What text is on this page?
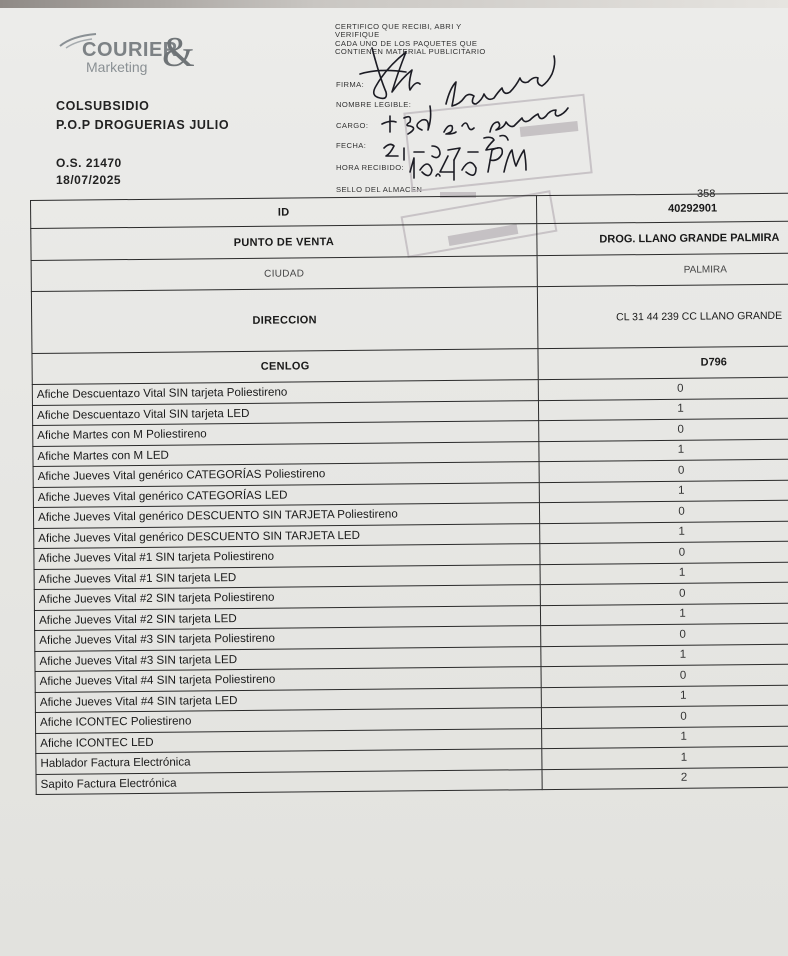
COURIER
Marketing &
COLSUBSIDIO
P.O.P DROGUERIAS JULIO
O.S. 21470
18/07/2025
CERTIFICO QUE RECIBI, ABRI Y
VERIFIQUE
CADA UNO DE LOS PAQUETES QUE
CONTIENEN MATERIAL PUBLICITARIO
FIRMA:
NOMBRE LEGIBLE:
CARGO:
FECHA:
HORA RECIBIDO:
SELLO DEL ALMACEN	358
ID	40292901
PUNTO DE VENTA	DROG. LLANO GRANDE PALMIRA
CIUDAD	PALMIRA
DIRECCION	CL 31 44 239 CC LLANO GRANDE
CENLOG	D796
Afiche Descuentazo Vital SIN tarjeta Poliestireno	0
Afiche Descuentazo Vital SIN tarjeta LED	1
Afiche Martes con M Poliestireno	0
Afiche Martes con M LED	1
Afiche Jueves Vital genérico CATEGORÍAS Poliestireno	0
Afiche Jueves Vital genérico CATEGORÍAS LED	1
Afiche Jueves Vital genérico DESCUENTO SIN TARJETA Poliestireno	0
Afiche Jueves Vital genérico DESCUENTO SIN TARJETA LED	1
Afiche Jueves Vital #1 SIN tarjeta Poliestireno	0
Afiche Jueves Vital #1 SIN tarjeta LED	1
Afiche Jueves Vital #2 SIN tarjeta Poliestireno	0
Afiche Jueves Vital #2 SIN tarjeta LED	1
Afiche Jueves Vital #3 SIN tarjeta Poliestireno	0
Afiche Jueves Vital #3 SIN tarjeta LED	1
Afiche Jueves Vital #4 SIN tarjeta Poliestireno	0
Afiche Jueves Vital #4 SIN tarjeta LED	1
Afiche ICONTEC Poliestireno	0
Afiche ICONTEC LED	1
Hablador Factura Electrónica	1
Sapito Factura Electrónica	2
